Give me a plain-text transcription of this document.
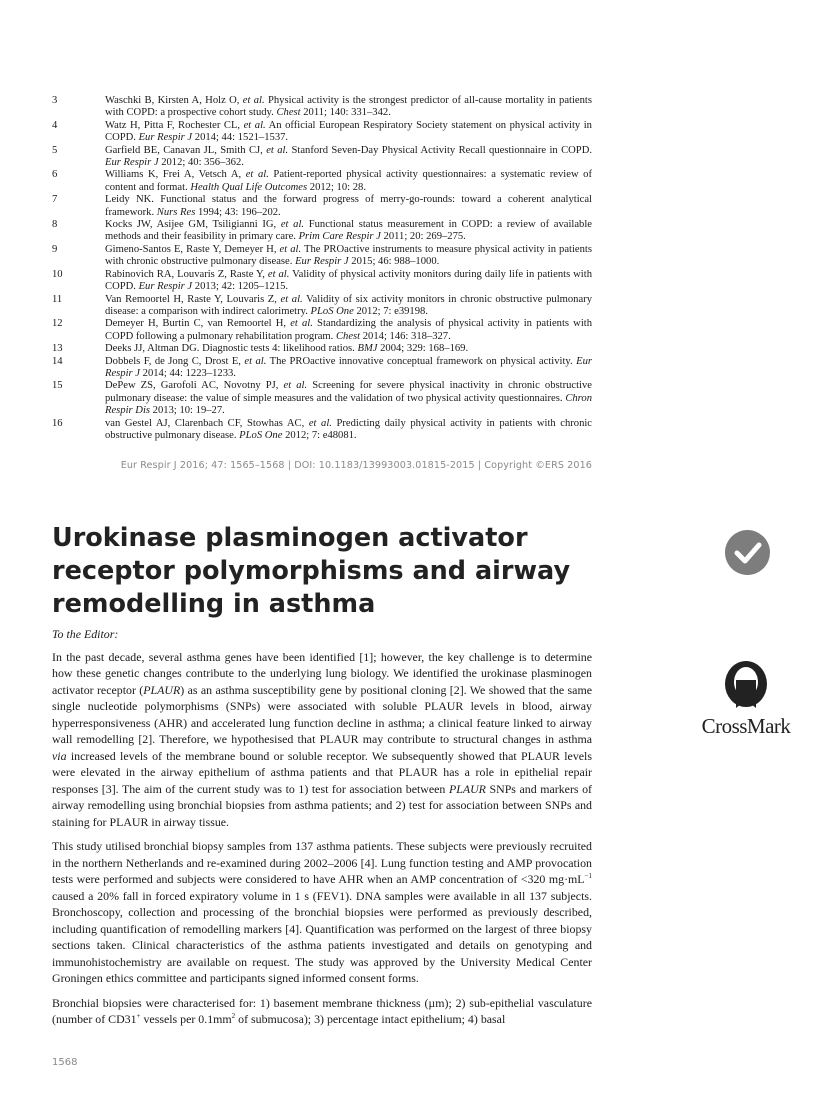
3	Waschki B, Kirsten A, Holz O, et al. Physical activity is the strongest predictor of all-cause mortality in patients with COPD: a prospective cohort study. Chest 2011; 140: 331–342.
4	Watz H, Pitta F, Rochester CL, et al. An official European Respiratory Society statement on physical activity in COPD. Eur Respir J 2014; 44: 1521–1537.
5	Garfield BE, Canavan JL, Smith CJ, et al. Stanford Seven-Day Physical Activity Recall questionnaire in COPD. Eur Respir J 2012; 40: 356–362.
6	Williams K, Frei A, Vetsch A, et al. Patient-reported physical activity questionnaires: a systematic review of content and format. Health Qual Life Outcomes 2012; 10: 28.
7	Leidy NK. Functional status and the forward progress of merry-go-rounds: toward a coherent analytical framework. Nurs Res 1994; 43: 196–202.
8	Kocks JW, Asijee GM, Tsiligianni IG, et al. Functional status measurement in COPD: a review of available methods and their feasibility in primary care. Prim Care Respir J 2011; 20: 269–275.
9	Gimeno-Santos E, Raste Y, Demeyer H, et al. The PROactive instruments to measure physical activity in patients with chronic obstructive pulmonary disease. Eur Respir J 2015; 46: 988–1000.
10	Rabinovich RA, Louvaris Z, Raste Y, et al. Validity of physical activity monitors during daily life in patients with COPD. Eur Respir J 2013; 42: 1205–1215.
11	Van Remoortel H, Raste Y, Louvaris Z, et al. Validity of six activity monitors in chronic obstructive pulmonary disease: a comparison with indirect calorimetry. PLoS One 2012; 7: e39198.
12	Demeyer H, Burtin C, van Remoortel H, et al. Standardizing the analysis of physical activity in patients with COPD following a pulmonary rehabilitation program. Chest 2014; 146: 318–327.
13	Deeks JJ, Altman DG. Diagnostic tests 4: likelihood ratios. BMJ 2004; 329: 168–169.
14	Dobbels F, de Jong C, Drost E, et al. The PROactive innovative conceptual framework on physical activity. Eur Respir J 2014; 44: 1223–1233.
15	DePew ZS, Garofoli AC, Novotny PJ, et al. Screening for severe physical inactivity in chronic obstructive pulmonary disease: the value of simple measures and the validation of two physical activity questionnaires. Chron Respir Dis 2013; 10: 19–27.
16	van Gestel AJ, Clarenbach CF, Stowhas AC, et al. Predicting daily physical activity in patients with chronic obstructive pulmonary disease. PLoS One 2012; 7: e48081.
Eur Respir J 2016; 47: 1565–1568 | DOI: 10.1183/13993003.01815-2015 | Copyright ©ERS 2016
Urokinase plasminogen activator receptor polymorphisms and airway remodelling in asthma
CrossMark

To the Editor:

In the past decade, several asthma genes have been identified [1]; however, the key challenge is to determine how these genetic changes contribute to the underlying lung biology. We identified the urokinase plasminogen activator receptor (PLAUR) as an asthma susceptibility gene by positional cloning [2]. We showed that the same single nucleotide polymorphisms (SNPs) were associated with soluble PLAUR levels in blood, airway hyperresponsiveness (AHR) and accelerated lung function decline in asthma; a clinical feature linked to airway wall remodelling [2]. Therefore, we hypothesised that PLAUR may contribute to structural changes in asthma via increased levels of the membrane bound or soluble receptor. We subsequently showed that PLAUR levels were elevated in the airway epithelium of asthma patients and that PLAUR has a role in epithelial repair responses [3]. The aim of the current study was to 1) test for association between PLAUR SNPs and markers of airway remodelling using bronchial biopsies from asthma patients; and 2) test for association between SNPs and staining for PLAUR in airway tissue.

This study utilised bronchial biopsy samples from 137 asthma patients. These subjects were previously recruited in the northern Netherlands and re-examined during 2002–2006 [4]. Lung function testing and AMP provocation tests were performed and subjects were considered to have AHR when an AMP concentration of <320 $mg\cdot mL^{-1}$ caused a 20% fall in forced expiratory volume in 1 s (FEV1). DNA samples were available in all 137 subjects. Bronchoscopy, collection and processing of the bronchial biopsies were performed as previously described, including quantification of remodelling markers [4]. Quantification was performed on the largest of three biopsy sections taken. Clinical characteristics of the asthma patients investigated and details on genotyping and immunohistochemistry are available on request. The study was approved by the University Medical Center Groningen ethics committee and participants signed informed consent forms.

Bronchial biopsies were characterised for: 1) basement membrane thickness (µm); 2) sub-epithelial vasculature (number of CD31+ vessels per $0.1mm^2$ of submucosa); 3) percentage intact epithelium; 4) basal

1568
